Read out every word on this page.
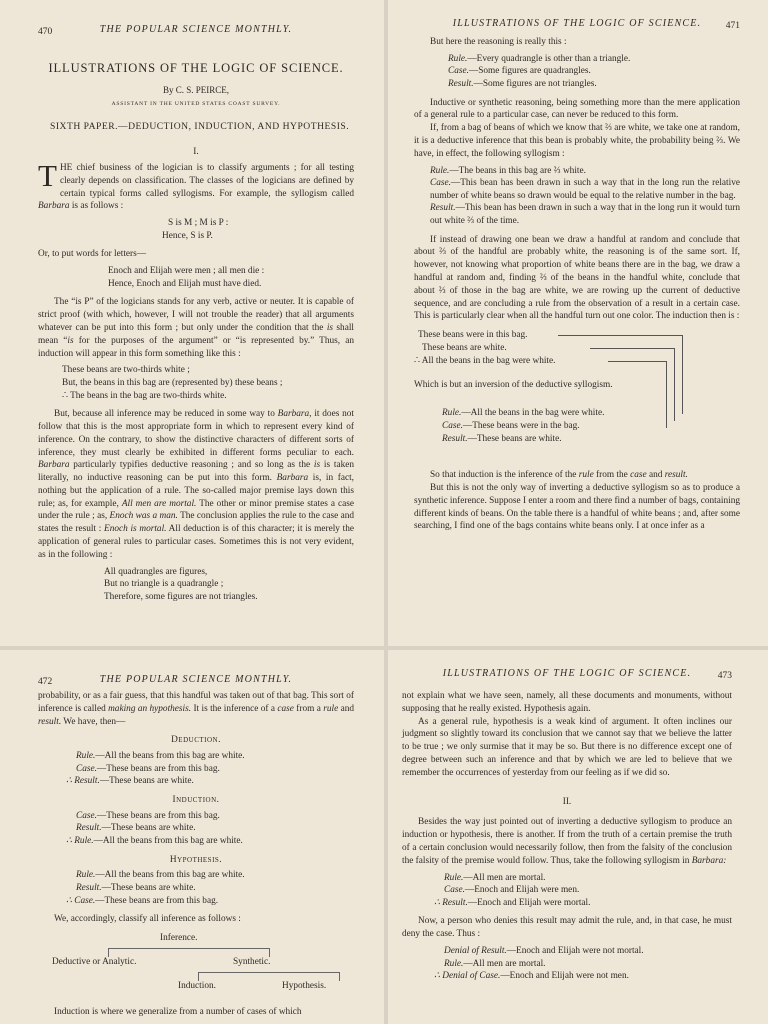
470	THE POPULAR SCIENCE MONTHLY.
ILLUSTRATIONS OF THE LOGIC OF SCIENCE.
By C. S. PEIRCE,
ASSISTANT IN THE UNITED STATES COAST SURVEY.
SIXTH PAPER.—DEDUCTION, INDUCTION, AND HYPOTHESIS.
I.

THE chief business of the logician is to classify arguments ; for all testing clearly depends on classification. The classes of the logicians are defined by certain typical forms called syllogisms. For example, the syllogism called Barbara is as follows :

S is M ; M is P :
Hence, S is P.

Or, to put words for letters—

Enoch and Elijah were men ; all men die :
Hence, Enoch and Elijah must have died.

The “is P” of the logicians stands for any verb, active or neuter. It is capable of strict proof (with which, however, I will not trouble the reader) that all arguments whatever can be put into this form ; but only under the condition that the is shall mean “is for the purposes of the argument” or “is represented by.” Thus, an induction will appear in this form something like this :

These beans are two-thirds white ;
But, the beans in this bag are (represented by) these beans ;
∴ The beans in the bag are two-thirds white.

But, because all inference may be reduced in some way to Barbara, it does not follow that this is the most appropriate form in which to represent every kind of inference. On the contrary, to show the distinctive characters of different sorts of inference, they must clearly be exhibited in different forms peculiar to each. Barbara particularly typifies deductive reasoning ; and so long as the is is taken literally, no inductive reasoning can be put into this form. Barbara is, in fact, nothing but the application of a rule. The so-called major premise lays down this rule; as, for example, All men are mortal. The other or minor premise states a case under the rule ; as, Enoch was a man. The conclusion applies the rule to the case and states the result : Enoch is mortal. All deduction is of this character; it is merely the application of general rules to particular cases. Sometimes this is not very evident, as in the following :

All quadrangles are figures,
But no triangle is a quadrangle ;
Therefore, some figures are not triangles.
ILLUSTRATIONS OF THE LOGIC OF SCIENCE.	471

But here the reasoning is really this :

Rule.—Every quadrangle is other than a triangle.
Case.—Some figures are quadrangles.
Result.—Some figures are not triangles.

Inductive or synthetic reasoning, being something more than the mere application of a general rule to a particular case, can never be reduced to this form.

If, from a bag of beans of which we know that ⅔ are white, we take one at random, it is a deductive inference that this bean is probably white, the probability being ⅔. We have, in effect, the following syllogism :

Rule.—The beans in this bag are ⅔ white.
Case.—This bean has been drawn in such a way that in the long run the relative number of white beans so drawn would be equal to the relative number in the bag.
Result.—This bean has been drawn in such a way that in the long run it would turn out white ⅔ of the time.

If instead of drawing one bean we draw a handful at random and conclude that about ⅔ of the handful are probably white, the reasoning is of the same sort. If, however, not knowing what proportion of white beans there are in the bag, we draw a handful at random and, finding ⅔ of the beans in the handful white, conclude that about ⅔ of those in the bag are white, we are rowing up the current of deductive sequence, and are concluding a rule from the observation of a result in a certain case. This is particularly clear when all the handful turn out one color. The induction then is :

These beans were in this bag.
These beans are white.
∴ All the beans in the bag were white.
Which is but an inversion of the deductive syllogism.
Rule.—All the beans in the bag were white.
Case.—These beans were in the bag.
Result.—These beans are white.

So that induction is the inference of the rule from the case and result.

But this is not the only way of inverting a deductive syllogism so as to produce a synthetic inference. Suppose I enter a room and there find a number of bags, containing different kinds of beans. On the table there is a handful of white beans ; and, after some searching, I find one of the bags contains white beans only. I at once infer as a

472	THE POPULAR SCIENCE MONTHLY.

probability, or as a fair guess, that this handful was taken out of that bag. This sort of inference is called making an hypothesis. It is the inference of a case from a rule and result. We have, then—

Deduction.
Rule.—All the beans from this bag are white.
Case.—These beans are from this bag.
∴ Result.—These beans are white.
Induction.
Case.—These beans are from this bag.
Result.—These beans are white.
∴ Rule.—All the beans from this bag are white.
Hypothesis.
Rule.—All the beans from this bag are white.
Result.—These beans are white.
∴ Case.—These beans are from this bag.

We, accordingly, classify all inference as follows :

Inference.
Deductive or Analytic.	Synthetic.
Induction.	Hypothesis.

Induction is where we generalize from a number of cases of which

ILLUSTRATIONS OF THE LOGIC OF SCIENCE.	473

not explain what we have seen, namely, all these documents and monuments, without supposing that he really existed. Hypothesis again.

As a general rule, hypothesis is a weak kind of argument. It often inclines our judgment so slightly toward its conclusion that we cannot say that we believe the latter to be true ; we only surmise that it may be so. But there is no difference except one of degree between such an inference and that by which we are led to believe that we remember the occurrences of yesterday from our feeling as if we did so.

II.

Besides the way just pointed out of inverting a deductive syllogism to produce an induction or hypothesis, there is another. If from the truth of a certain premise the truth of a certain conclusion would necessarily follow, then from the falsity of the conclusion the falsity of the premise would follow. Thus, take the following syllogism in Barbara:

Rule.—All men are mortal.
Case.—Enoch and Elijah were men.
∴ Result.—Enoch and Elijah were mortal.

Now, a person who denies this result may admit the rule, and, in that case, he must deny the case. Thus :

Denial of Result.—Enoch and Elijah were not mortal.
Rule.—All men are mortal.
∴ Denial of Case.—Enoch and Elijah were not men.
